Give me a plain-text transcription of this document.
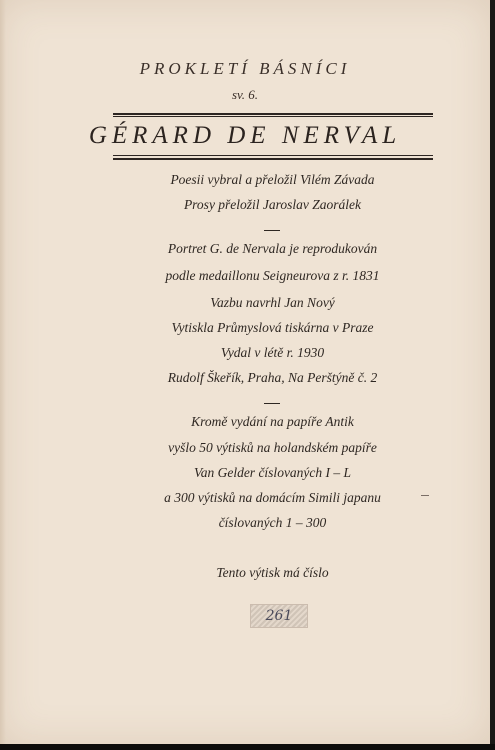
PROKLETÍ BÁSNÍCI
sv. 6.
GÉRARD DE NERVAL
Poesii vybral a přeložil Vilém Závada
Prosy přeložil Jaroslav Zaorálek
Portret G. de Nervala je reprodukován
podle medaillonu Seigneurova z r. 1831
Vazbu navrhl Jan Nový
Vytiskla Průmyslová tiskárna v Praze
Vydal v létě r. 1930
Rudolf Škeřík, Praha, Na Perštýně č. 2
Kromě vydání na papíře Antik
vyšlo 50 výtisků na holandském papíře
Van Gelder číslovaných I – L
a 300 výtisků na domácím Simili japanu
číslovaných 1 – 300
Tento výtisk má číslo
261
